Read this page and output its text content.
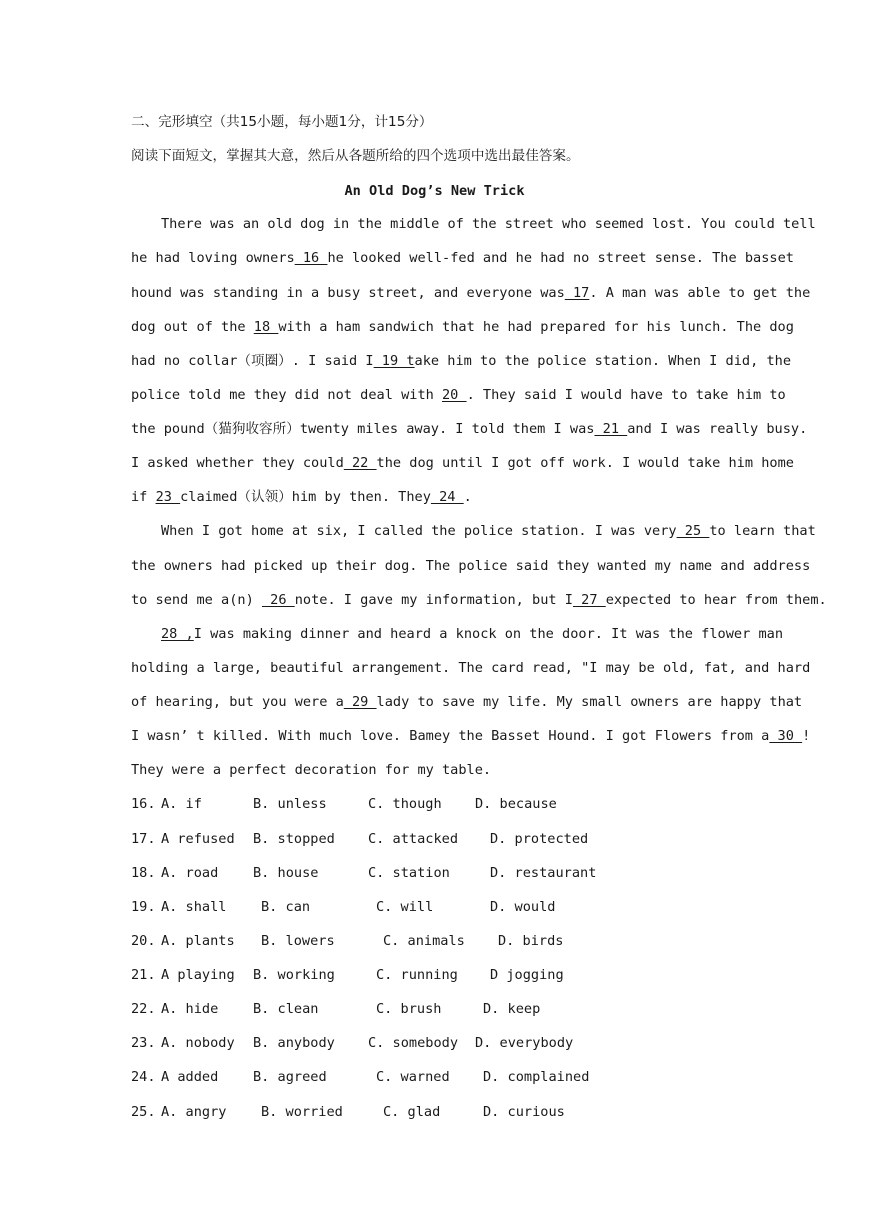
二、完形填空（共15小题，每小题1分，计15分）
阅读下面短文，掌握其大意，然后从各题所给的四个选项中选出最佳答案。
An Old Dog’s New Trick
There was an old dog in the middle of the street who seemed lost. You could tell
he had loving owners 16 he looked well-fed and he had no street sense. The basset
hound was standing in a busy street, and everyone was 17. A man was able to get the
dog out of the 18 with a ham sandwich that he had prepared for his lunch. The dog
had no collar（项圈）. I said I 19 take him to the police station. When I did, the
police told me they did not deal with 20 . They said I would have to take him to
the pound（猫狗收容所）twenty miles away. I told them I was 21 and I was really busy.
I asked whether they could 22 the dog until I got off work. I would take him home
if 23 claimed（认领）him by then. They 24 .
When I got home at six, I called the police station. I was very 25 to learn that
the owners had picked up their dog. The police said they wanted my name and address
to send me a(n)  26 note. I gave my information, but I 27 expected to hear from them.
28 ,I was making dinner and heard a knock on the door. It was the flower man
holding a large, beautiful arrangement. The card read, "I may be old, fat, and hard
of hearing, but you were a 29 lady to save my life. My small owners are happy that
I wasn’ t killed. With much love. Bamey the Basset Hound. I got Flowers from a 30 !
They were a perfect decoration for my table.
16. A. if	B. unless	C. though D. because
17. A refused B. stopped C. attacked D. protected
18. A. road	B. house	C. station	D. restaurant
19. A. shall	B. can	C. will	D. would
20. A. plants B. lowers	C. animals D. birds
21. A playing B. working	C. running D jogging
22. A. hide	B. clean	C. brush	D. keep
23. A. nobody B. anybody C. somebody D. everybody
24. A added	B. agreed	C. warned D. complained
25. A. angry	B. worried	C. glad	D. curious
